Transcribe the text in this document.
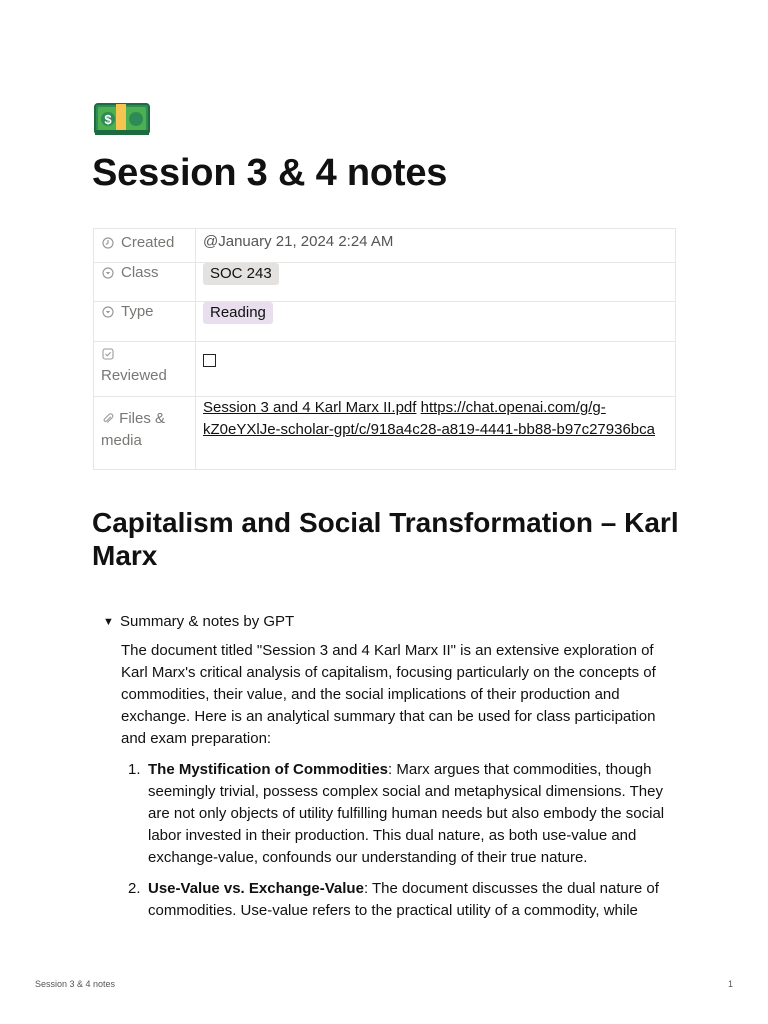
$
Session 3 & 4 notes
Created	@January 21, 2024 2:24 AM

Class	SOC 243

Type	Reading

Reviewed	

Files & media	Session 3 and 4 Karl Marx II.pdf https://chat.openai.com/g/g-kZ0eYXlJe-scholar-gpt/c/918a4c28-a819-4441-bb88-b97c27936bca
Capitalism and Social Transformation – Karl Marx
▼ Summary & notes by GPT

The document titled "Session 3 and 4 Karl Marx II" is an extensive exploration of Karl Marx's critical analysis of capitalism, focusing particularly on the concepts of commodities, their value, and the social implications of their production and exchange. Here is an analytical summary that can be used for class participation and exam preparation:

1. The Mystification of Commodities: Marx argues that commodities, though seemingly trivial, possess complex social and metaphysical dimensions. They are not only objects of utility fulfilling human needs but also embody the social labor invested in their production. This dual nature, as both use-value and exchange-value, confounds our understanding of their true nature.
2. Use-Value vs. Exchange-Value: The document discusses the dual nature of commodities. Use-value refers to the practical utility of a commodity, while
Session 3 & 4 notes	1
